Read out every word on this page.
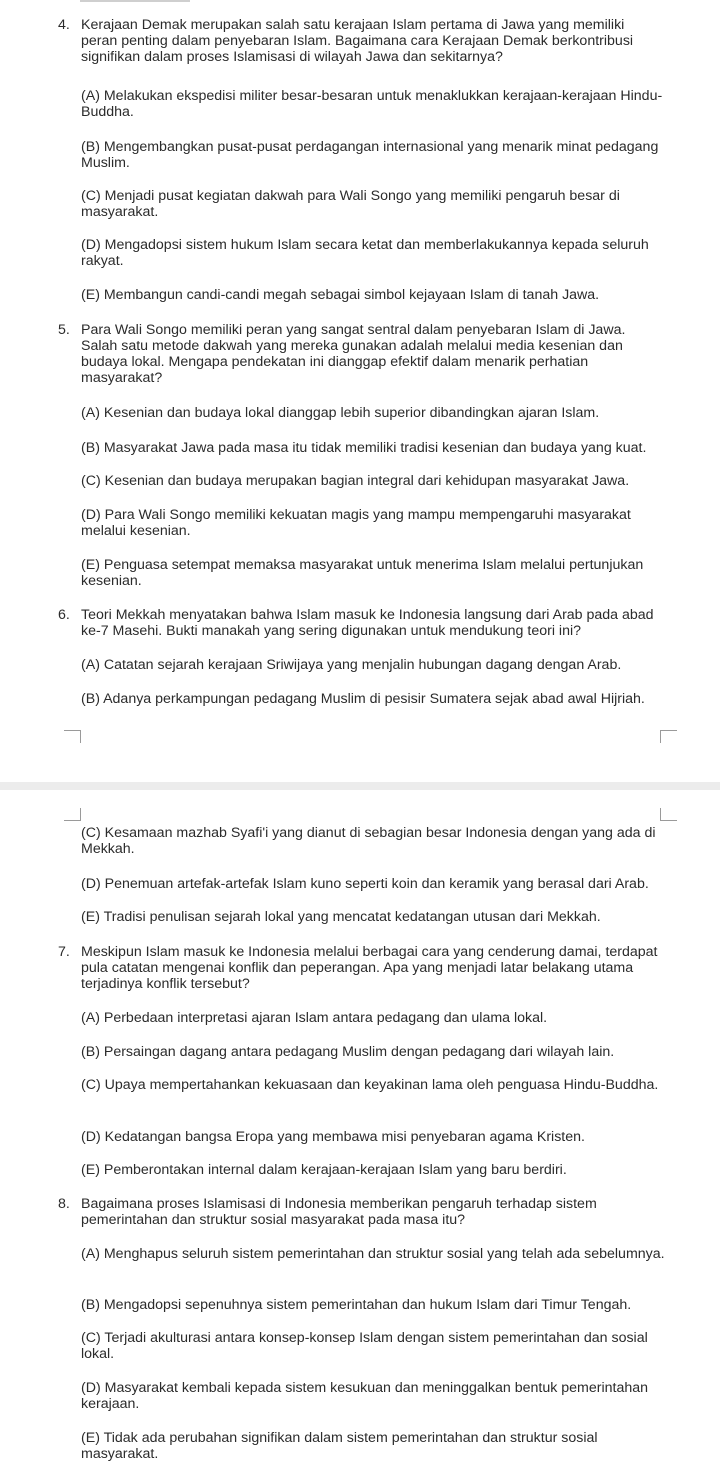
4. Kerajaan Demak merupakan salah satu kerajaan Islam pertama di Jawa yang memiliki peran penting dalam penyebaran Islam. Bagaimana cara Kerajaan Demak berkontribusi signifikan dalam proses Islamisasi di wilayah Jawa dan sekitarnya?

(A) Melakukan ekspedisi militer besar-besaran untuk menaklukkan kerajaan-kerajaan Hindu-Buddha.
(B) Mengembangkan pusat-pusat perdagangan internasional yang menarik minat pedagang Muslim.
(C) Menjadi pusat kegiatan dakwah para Wali Songo yang memiliki pengaruh besar di masyarakat.
(D) Mengadopsi sistem hukum Islam secara ketat dan memberlakukannya kepada seluruh rakyat.
(E) Membangun candi-candi megah sebagai simbol kejayaan Islam di tanah Jawa.
5. Para Wali Songo memiliki peran yang sangat sentral dalam penyebaran Islam di Jawa. Salah satu metode dakwah yang mereka gunakan adalah melalui media kesenian dan budaya lokal. Mengapa pendekatan ini dianggap efektif dalam menarik perhatian masyarakat?

(A) Kesenian dan budaya lokal dianggap lebih superior dibandingkan ajaran Islam.
(B) Masyarakat Jawa pada masa itu tidak memiliki tradisi kesenian dan budaya yang kuat.
(C) Kesenian dan budaya merupakan bagian integral dari kehidupan masyarakat Jawa.
(D) Para Wali Songo memiliki kekuatan magis yang mampu mempengaruhi masyarakat melalui kesenian.
(E) Penguasa setempat memaksa masyarakat untuk menerima Islam melalui pertunjukan kesenian.
6. Teori Mekkah menyatakan bahwa Islam masuk ke Indonesia langsung dari Arab pada abad ke-7 Masehi. Bukti manakah yang sering digunakan untuk mendukung teori ini?

(A) Catatan sejarah kerajaan Sriwijaya yang menjalin hubungan dagang dengan Arab.
(B) Adanya perkampungan pedagang Muslim di pesisir Sumatera sejak abad awal Hijriah.
(C) Kesamaan mazhab Syafi'i yang dianut di sebagian besar Indonesia dengan yang ada di Mekkah.
(D) Penemuan artefak-artefak Islam kuno seperti koin dan keramik yang berasal dari Arab.
(E) Tradisi penulisan sejarah lokal yang mencatat kedatangan utusan dari Mekkah.
7. Meskipun Islam masuk ke Indonesia melalui berbagai cara yang cenderung damai, terdapat pula catatan mengenai konflik dan peperangan. Apa yang menjadi latar belakang utama terjadinya konflik tersebut?

(A) Perbedaan interpretasi ajaran Islam antara pedagang dan ulama lokal.
(B) Persaingan dagang antara pedagang Muslim dengan pedagang dari wilayah lain.
(C) Upaya mempertahankan kekuasaan dan keyakinan lama oleh penguasa Hindu-Buddha.
(D) Kedatangan bangsa Eropa yang membawa misi penyebaran agama Kristen.
(E) Pemberontakan internal dalam kerajaan-kerajaan Islam yang baru berdiri.
8. Bagaimana proses Islamisasi di Indonesia memberikan pengaruh terhadap sistem pemerintahan dan struktur sosial masyarakat pada masa itu?

(A) Menghapus seluruh sistem pemerintahan dan struktur sosial yang telah ada sebelumnya.
(B) Mengadopsi sepenuhnya sistem pemerintahan dan hukum Islam dari Timur Tengah.
(C) Terjadi akulturasi antara konsep-konsep Islam dengan sistem pemerintahan dan sosial lokal.
(D) Masyarakat kembali kepada sistem kesukuan dan meninggalkan bentuk pemerintahan kerajaan.
(E) Tidak ada perubahan signifikan dalam sistem pemerintahan dan struktur sosial masyarakat.
